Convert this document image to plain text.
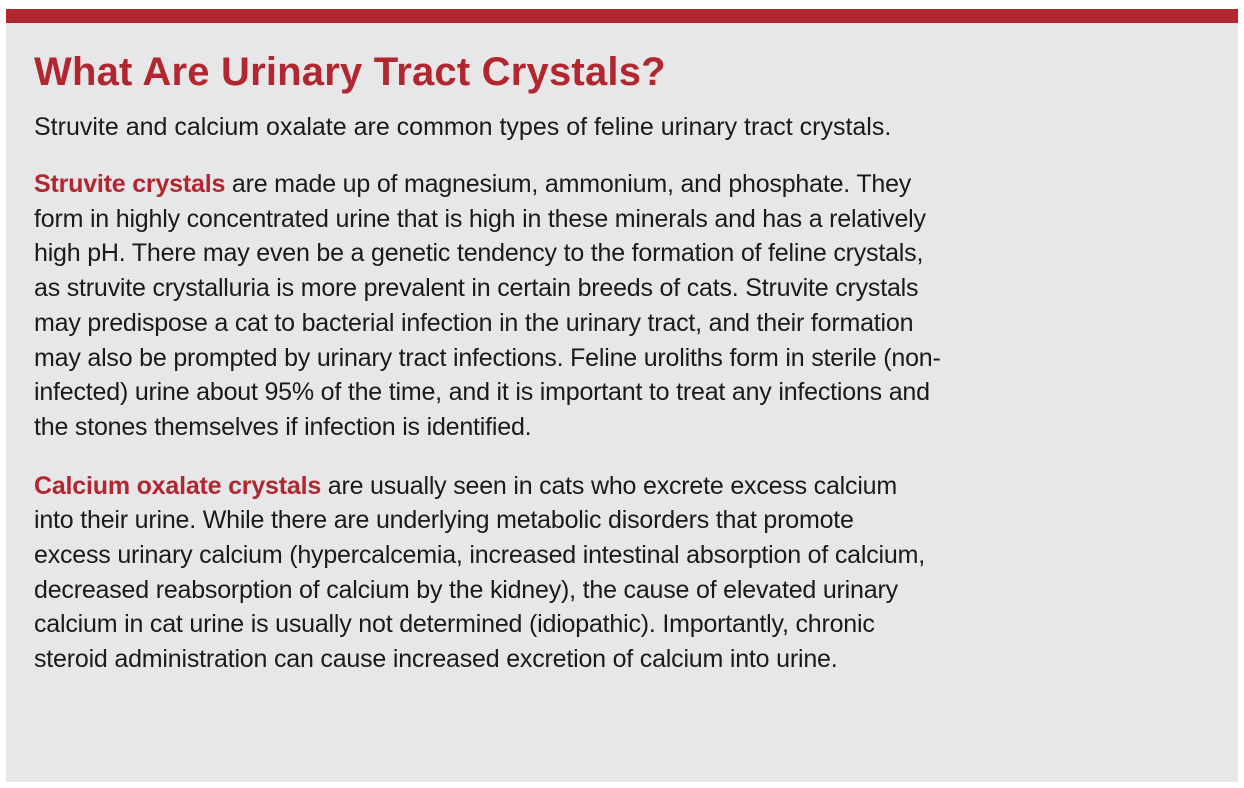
What Are Urinary Tract Crystals?

Struvite and calcium oxalate are common types of feline urinary tract crystals.

Struvite crystals are made up of magnesium, ammonium, and phosphate. They
form in highly concentrated urine that is high in these minerals and has a relatively
high pH. There may even be a genetic tendency to the formation of feline crystals,
as struvite crystalluria is more prevalent in certain breeds of cats. Struvite crystals
may predispose a cat to bacterial infection in the urinary tract, and their formation
may also be prompted by urinary tract infections. Feline uroliths form in sterile (non-
infected) urine about 95% of the time, and it is important to treat any infections and
the stones themselves if infection is identified.

Calcium oxalate crystals are usually seen in cats who excrete excess calcium
into their urine. While there are underlying metabolic disorders that promote
excess urinary calcium (hypercalcemia, increased intestinal absorption of calcium,
decreased reabsorption of calcium by the kidney), the cause of elevated urinary
calcium in cat urine is usually not determined (idiopathic). Importantly, chronic
steroid administration can cause increased excretion of calcium into urine.
